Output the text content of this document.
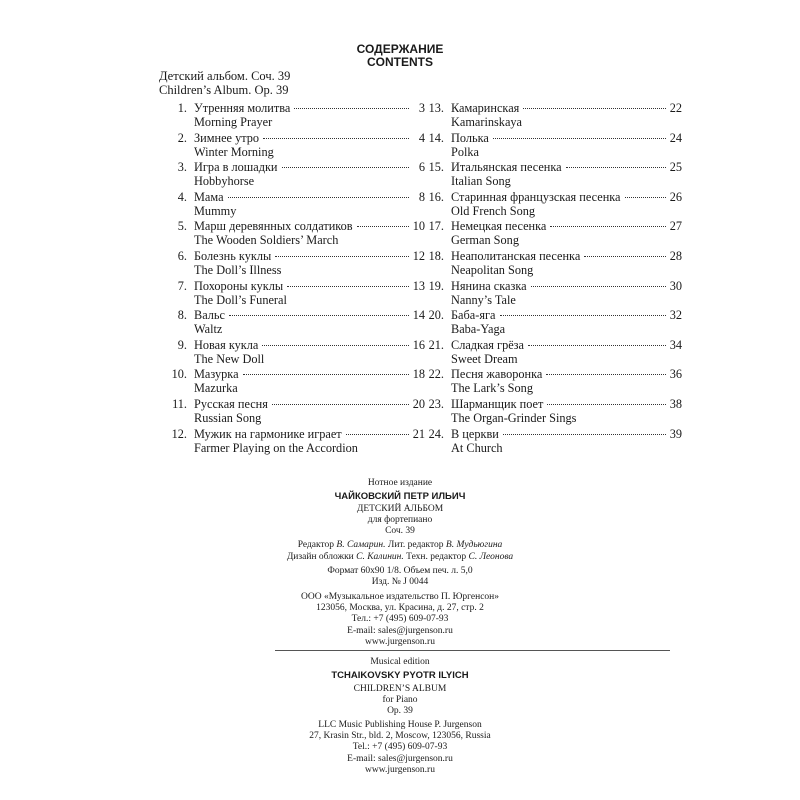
СОДЕРЖАНИЕ
CONTENTS
Детский альбом. Соч. 39
Children’s Album. Op. 39
1. Утренняя молитва	3
Morning Prayer
2. Зимнее утро	4
Winter Morning
3. Игра в лошадки	6
Hobbyhorse
4. Мама	8
Mummy
5. Марш деревянных солдатиков	10
The Wooden Soldiers’ March
6. Болезнь куклы	12
The Doll’s Illness
7. Похороны куклы	13
The Doll’s Funeral
8. Вальс	14
Waltz
9. Новая кукла	16
The New Doll
10. Мазурка	18
Mazurka
11. Русская песня	20
Russian Song
12. Мужик на гармонике играет	21
Farmer Playing on the Accordion
13. Камаринская	22
Kamarinskaya
14. Полька	24
Polka
15. Итальянская песенка	25
Italian Song
16. Старинная французская песенка	26
Old French Song
17. Немецкая песенка	27
German Song
18. Неаполитанская песенка	28
Neapolitan Song
19. Нянина сказка	30
Nanny’s Tale
20. Баба-яга	32
Baba-Yaga
21. Сладкая грёза	34
Sweet Dream
22. Песня жаворонка	36
The Lark’s Song
23. Шарманщик поет	38
The Organ-Grinder Sings
24. В церкви	39
At Church
Нотное издание
ЧАЙКОВСКИЙ ПЕТР ИЛЬИЧ
ДЕТСКИЙ АЛЬБОМ
для фортепиано
Соч. 39
Редактор В. Самарин. Лит. редактор В. Мудьюгина
Дизайн обложки С. Калинин. Техн. редактор С. Леонова
Формат 60x90 1/8. Объем печ. л. 5,0
Изд. № J 0044
ООО «Музыкальное издательство П. Юргенсон»
123056, Москва, ул. Красина, д. 27, стр. 2
Тел.: +7 (495) 609-07-93
E-mail: sales@jurgenson.ru
www.jurgenson.ru
Musical edition
TCHAIKOVSKY PYOTR ILYICH
CHILDREN’S ALBUM
for Piano
Op. 39
LLC Music Publishing House P. Jurgenson
27, Krasin Str., bld. 2, Moscow, 123056, Russia
Tel.: +7 (495) 609-07-93
E-mail: sales@jurgenson.ru
www.jurgenson.ru
